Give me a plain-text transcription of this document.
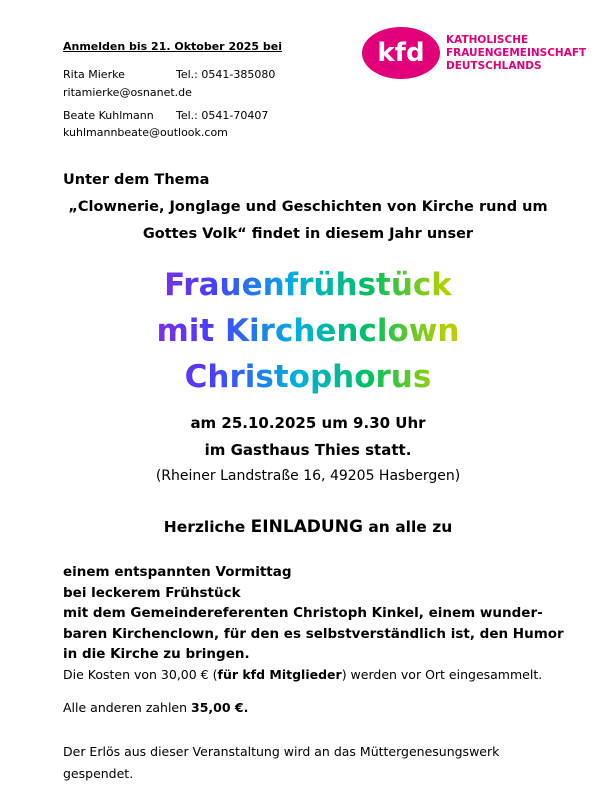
Anmelden bis 21. Oktober 2025 bei
Rita Mierke	Tel.: 0541-385080
ritamierke@osnanet.de
Beate Kuhlmann Tel.: 0541-70407
kuhlmannbeate@outlook.com
kfd	KATHOLISCHE
FRAUENGEMEINSCHAFT
DEUTSCHLANDS
Unter dem Thema
„Clownerie, Jonglage und Geschichten von Kirche rund um
Gottes Volk“ findet in diesem Jahr unser
Frauenfrühstück
mit Kirchenclown
Christophorus
am 25.10.2025 um 9.30 Uhr
im Gasthaus Thies statt.
(Rheiner Landstraße 16, 49205 Hasbergen)
Herzliche EINLADUNG an alle zu
einem entspannten Vormittag
bei leckerem Frühstück
mit dem Gemeindereferenten Christoph Kinkel, einem wunder-
baren Kirchenclown, für den es selbstverständlich ist, den Humor
in die Kirche zu bringen.
Die Kosten von 30,00 € (für kfd Mitglieder) werden vor Ort eingesammelt.
Alle anderen zahlen 35,00 €.
Der Erlös aus dieser Veranstaltung wird an das Müttergenesungswerk
gespendet.
